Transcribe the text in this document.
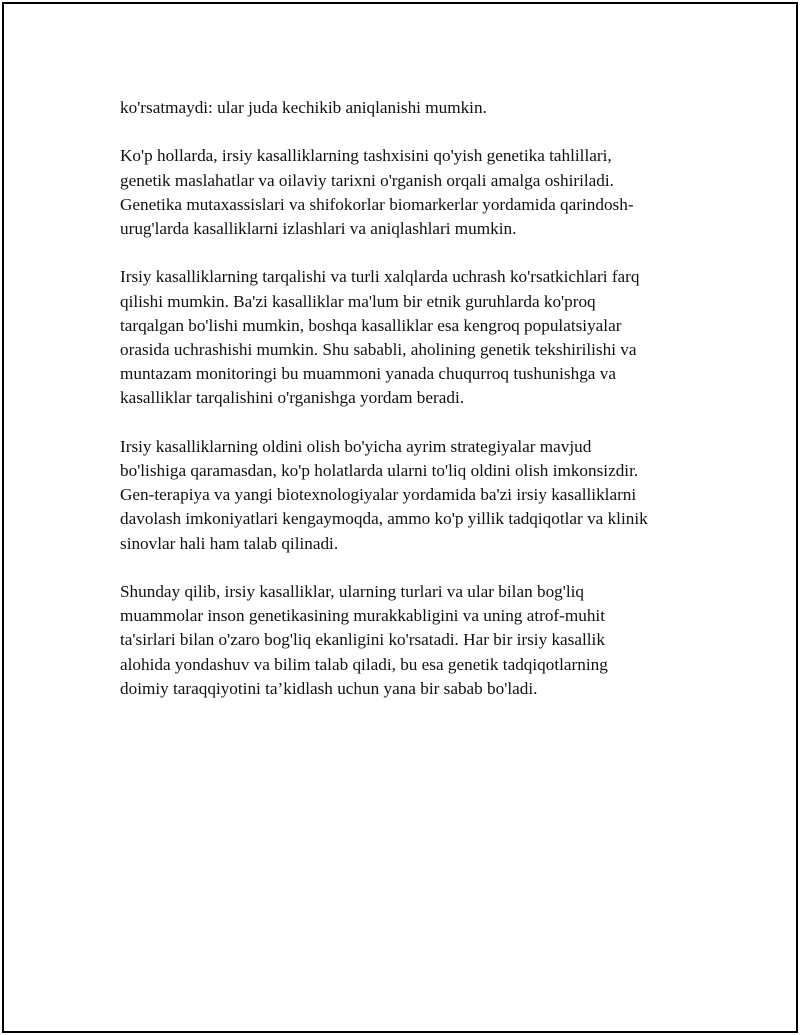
ko'rsatmaydi: ular juda kechikib aniqlanishi mumkin.

Ko'p hollarda, irsiy kasalliklarning tashxisini qo'yish genetika tahlillari,
genetik maslahatlar va oilaviy tarixni o'rganish orqali amalga oshiriladi.
Genetika mutaxassislari va shifokorlar biomarkerlar yordamida qarindosh-
urug'larda kasalliklarni izlashlari va aniqlashlari mumkin.

Irsiy kasalliklarning tarqalishi va turli xalqlarda uchrash ko'rsatkichlari farq
qilishi mumkin. Ba'zi kasalliklar ma'lum bir etnik guruhlarda ko'proq
tarqalgan bo'lishi mumkin, boshqa kasalliklar esa kengroq populatsiyalar
orasida uchrashishi mumkin. Shu sababli, aholining genetik tekshirilishi va
muntazam monitoringi bu muammoni yanada chuqurroq tushunishga va
kasalliklar tarqalishini o'rganishga yordam beradi.

Irsiy kasalliklarning oldini olish bo'yicha ayrim strategiyalar mavjud
bo'lishiga qaramasdan, ko'p holatlarda ularni to'liq oldini olish imkonsizdir.
Gen-terapiya va yangi biotexnologiyalar yordamida ba'zi irsiy kasalliklarni
davolash imkoniyatlari kengaymoqda, ammo ko'p yillik tadqiqotlar va klinik
sinovlar hali ham talab qilinadi.

Shunday qilib, irsiy kasalliklar, ularning turlari va ular bilan bog'liq
muammolar inson genetikasining murakkabligini va uning atrof-muhit
ta'sirlari bilan o'zaro bog'liq ekanligini ko'rsatadi. Har bir irsiy kasallik
alohida yondashuv va bilim talab qiladi, bu esa genetik tadqiqotlarning
doimiy taraqqiyotini ta’kidlash uchun yana bir sabab bo'ladi.
